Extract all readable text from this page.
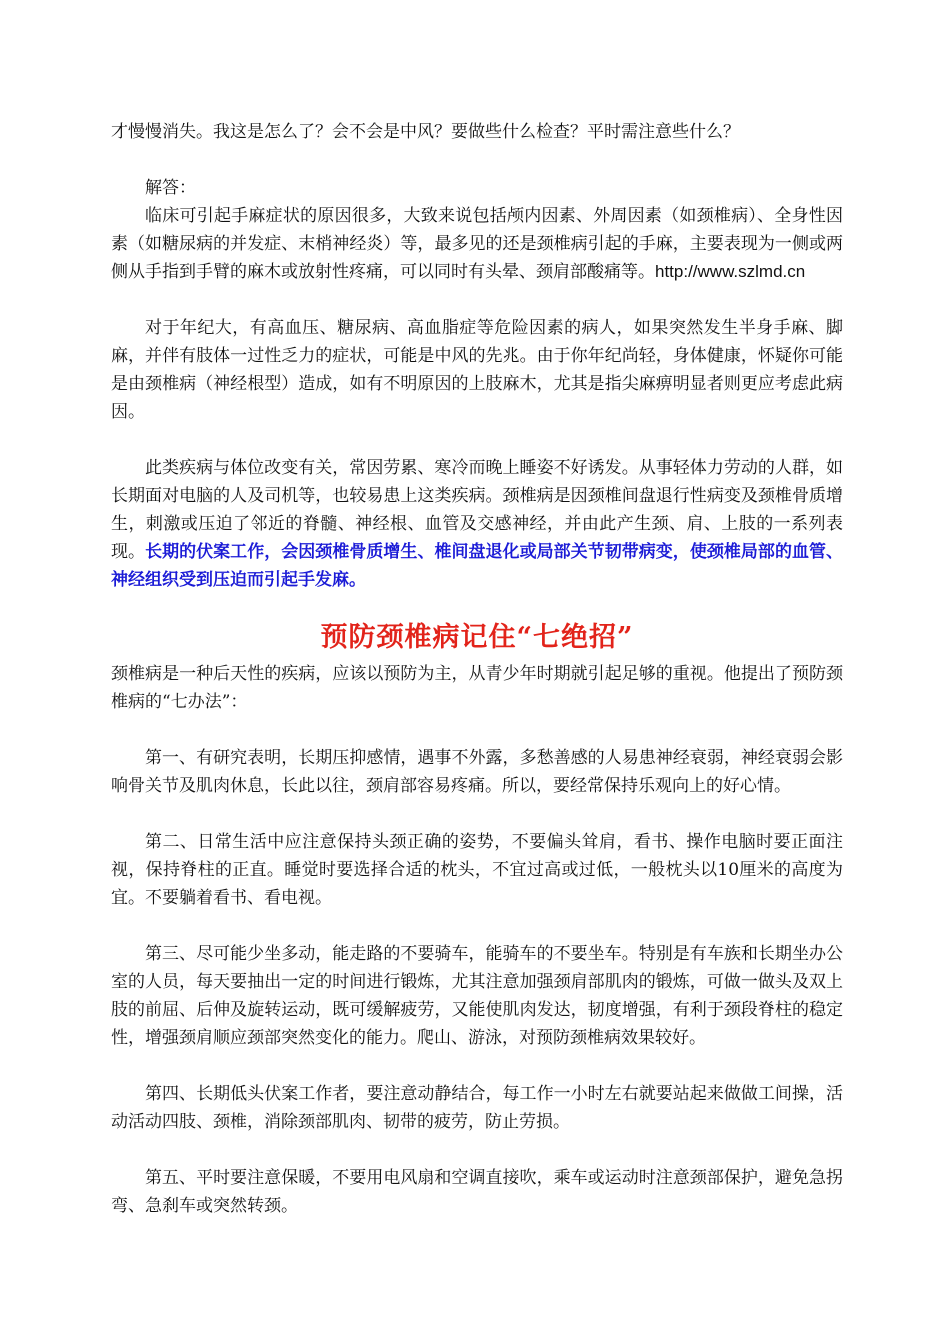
才慢慢消失。我这是怎么了？会不会是中风？要做些什么检查？平时需注意些什么？

解答：

临床可引起手麻症状的原因很多，大致来说包括颅内因素、外周因素（如颈椎病）、全身性因素（如糖尿病的并发症、末梢神经炎）等，最多见的还是颈椎病引起的手麻，主要表现为一侧或两侧从手指到手臂的麻木或放射性疼痛，可以同时有头晕、颈肩部酸痛等。http://www.szlmd.cn

对于年纪大，有高血压、糖尿病、高血脂症等危险因素的病人，如果突然发生半身手麻、脚麻，并伴有肢体一过性乏力的症状，可能是中风的先兆。由于你年纪尚轻，身体健康，怀疑你可能是由颈椎病（神经根型）造成，如有不明原因的上肢麻木，尤其是指尖麻痹明显者则更应考虑此病因。

此类疾病与体位改变有关，常因劳累、寒冷而晚上睡姿不好诱发。从事轻体力劳动的人群，如长期面对电脑的人及司机等，也较易患上这类疾病。颈椎病是因颈椎间盘退行性病变及颈椎骨质增生，刺激或压迫了邻近的脊髓、神经根、血管及交感神经，并由此产生颈、肩、上肢的一系列表现。长期的伏案工作，会因颈椎骨质增生、椎间盘退化或局部关节韧带病变，使颈椎局部的血管、神经组织受到压迫而引起手发麻。

预防颈椎病记住“七绝招”

颈椎病是一种后天性的疾病，应该以预防为主，从青少年时期就引起足够的重视。他提出了预防颈椎病的“七办法”：

第一、有研究表明，长期压抑感情，遇事不外露，多愁善感的人易患神经衰弱，神经衰弱会影响骨关节及肌肉休息，长此以往，颈肩部容易疼痛。所以，要经常保持乐观向上的好心情。

第二、日常生活中应注意保持头颈正确的姿势，不要偏头耸肩，看书、操作电脑时要正面注视，保持脊柱的正直。睡觉时要选择合适的枕头，不宜过高或过低，一般枕头以10厘米的高度为宜。不要躺着看书、看电视。

第三、尽可能少坐多动，能走路的不要骑车，能骑车的不要坐车。特别是有车族和长期坐办公室的人员，每天要抽出一定的时间进行锻炼，尤其注意加强颈肩部肌肉的锻炼，可做一做头及双上肢的前屈、后伸及旋转运动，既可缓解疲劳，又能使肌肉发达，韧度增强，有利于颈段脊柱的稳定性，增强颈肩顺应颈部突然变化的能力。爬山、游泳，对预防颈椎病效果较好。

第四、长期低头伏案工作者，要注意动静结合，每工作一小时左右就要站起来做做工间操，活动活动四肢、颈椎，消除颈部肌肉、韧带的疲劳，防止劳损。

第五、平时要注意保暖，不要用电风扇和空调直接吹，乘车或运动时注意颈部保护，避免急拐弯、急刹车或突然转颈。
